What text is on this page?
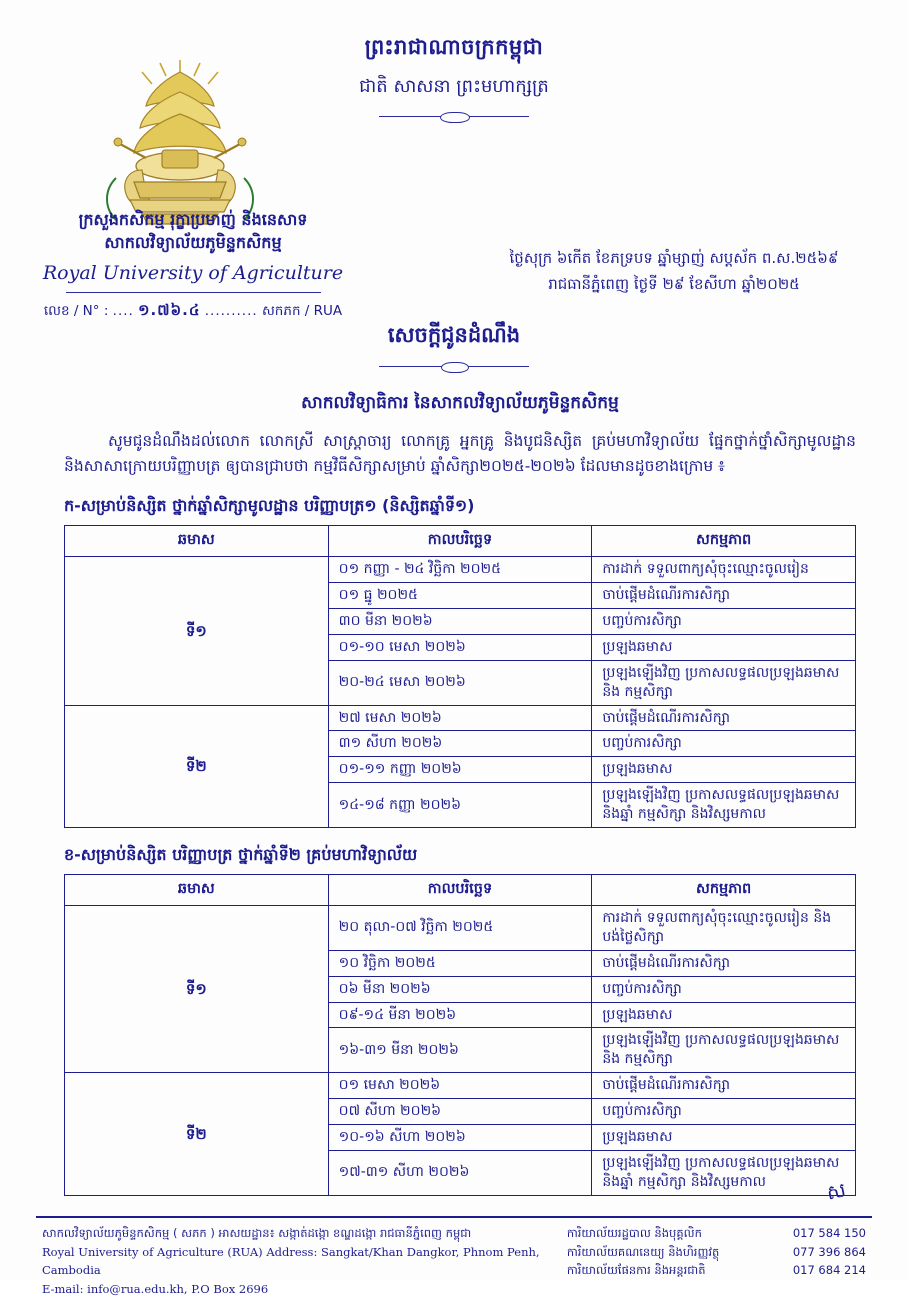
ព្រះរាជាណាចក្រកម្ពុជា
ជាតិ សាសនា ព្រះមហាក្សត្រ
ក្រសួងកសិកម្ម រុក្ខាប្រមាញ់ និងនេសាទ
សាកលវិទ្យាល័យភូមិន្ទកសិកម្ម
Royal University of Agriculture
លេខ / N° : .... ១.៧៦.៤ .......... សកភក / RUA
ថ្ងៃសុក្រ ៦កើត ខែភទ្របទ ឆ្នាំម្សាញ់ សប្តស័ក ព.ស.២៥៦៩
រាជធានីភ្នំពេញ ថ្ងៃទី ២៩ ខែសីហា ឆ្នាំ២០២៥
សេចក្តីជូនដំណឹង
សាកលវិទ្យាធិការ នៃសាកលវិទ្យាល័យភូមិន្ទកសិកម្ម
សូមជូនដំណឹងដល់លោក លោកស្រី សាស្ត្រាចារ្យ លោកគ្រូ អ្នកគ្រូ និងបូជនិស្សិត គ្រប់មហាវិទ្យាល័យ ផ្នែកថ្នាក់ថ្នាំសិក្សាមូលដ្ឋាន និងសាសាក្រោយបរិញ្ញាបត្រ ឲ្យបានជ្រាបថា កម្មវិធីសិក្សាសម្រាប់ ឆ្នាំសិក្សា២០២៥-២០២៦ ដែលមានដូចខាងក្រោម ៖
ក-សម្រាប់និស្សិត ថ្នាក់ឆ្នាំសិក្សាមូលដ្ឋាន បរិញ្ញាបត្រ១ (និស្សិតឆ្នាំទី១)
ឆមាស	កាលបរិច្ឆេទ	សកម្មភាព
ទី១	០១ កញ្ញា - ២៤ វិច្ឆិកា ២០២៥	ការដាក់ ទទួលពាក្យសុំចុះឈ្មោះចូលរៀន
	០១ ធ្នូ ២០២៥	ចាប់ផ្តើមដំណើរការសិក្សា
	៣០ មីនា ២០២៦	បញ្ចប់ការសិក្សា
	០១-១០ មេសា ២០២៦	ប្រឡងឆមាស
	២០-២៤ មេសា ២០២៦	ប្រឡងឡើងវិញ ប្រកាសលទ្ធផលប្រឡងឆមាស និង កម្មសិក្សា
ទី២	២៧ មេសា ២០២៦	ចាប់ផ្តើមដំណើរការសិក្សា
	៣១ សីហា ២០២៦	បញ្ចប់ការសិក្សា
	០១-១១ កញ្ញា ២០២៦	ប្រឡងឆមាស
	១៤-១៨ កញ្ញា ២០២៦	ប្រឡងឡើងវិញ ប្រកាសលទ្ធផលប្រឡងឆមាស និងឆ្នាំ កម្មសិក្សា និងវិស្សមកាល
ខ-សម្រាប់និស្សិត បរិញ្ញាបត្រ ថ្នាក់ឆ្នាំទី២ គ្រប់មហាវិទ្យាល័យ
ឆមាស	កាលបរិច្ឆេទ	សកម្មភាព
ទី១	២០ តុលា-០៧ វិច្ឆិកា ២០២៥	ការដាក់ ទទួលពាក្យសុំចុះឈ្មោះចូលរៀន និង បង់ថ្លៃសិក្សា
	១០ វិច្ឆិកា ២០២៥	ចាប់ផ្តើមដំណើរការសិក្សា
	០៦ មីនា ២០២៦	បញ្ចប់ការសិក្សា
	០៩-១៤ មីនា ២០២៦	ប្រឡងឆមាស
	១៦-៣១ មីនា ២០២៦	ប្រឡងឡើងវិញ ប្រកាសលទ្ធផលប្រឡងឆមាស និង កម្មសិក្សា
ទី២	០១ មេសា ២០២៦	ចាប់ផ្តើមដំណើរការសិក្សា
	០៧ សីហា ២០២៦	បញ្ចប់ការសិក្សា
	១០-១៦ សីហា ២០២៦	ប្រឡងឆមាស
	១៧-៣១ សីហា ២០២៦	ប្រឡងឡើងវិញ ប្រកាសលទ្ធផលប្រឡងឆមាស និងឆ្នាំ កម្មសិក្សា និងវិស្សមកាល	ស
សាកលវិទ្យាល័យភូមិន្ទកសិកម្ម ( សភក ) អាសយដ្ឋាន៖ សង្កាត់ដង្កោ ខណ្ឌដង្កោ រាជធានីភ្នំពេញ កម្ពុជា
Royal University of Agriculture (RUA) Address: Sangkat/Khan Dangkor, Phnom Penh, Cambodia
E-mail: info@rua.edu.kh, P.O Box 2696
ការិយាល័យរដ្ឋបាល និងបុគ្គលិក	017 584 150
ការិយាល័យគណនេយ្យ និងហិរញ្ញវត្ថុ	077 396 864
ការិយាល័យផែនការ និងអន្តរជាតិ	017 684 214
